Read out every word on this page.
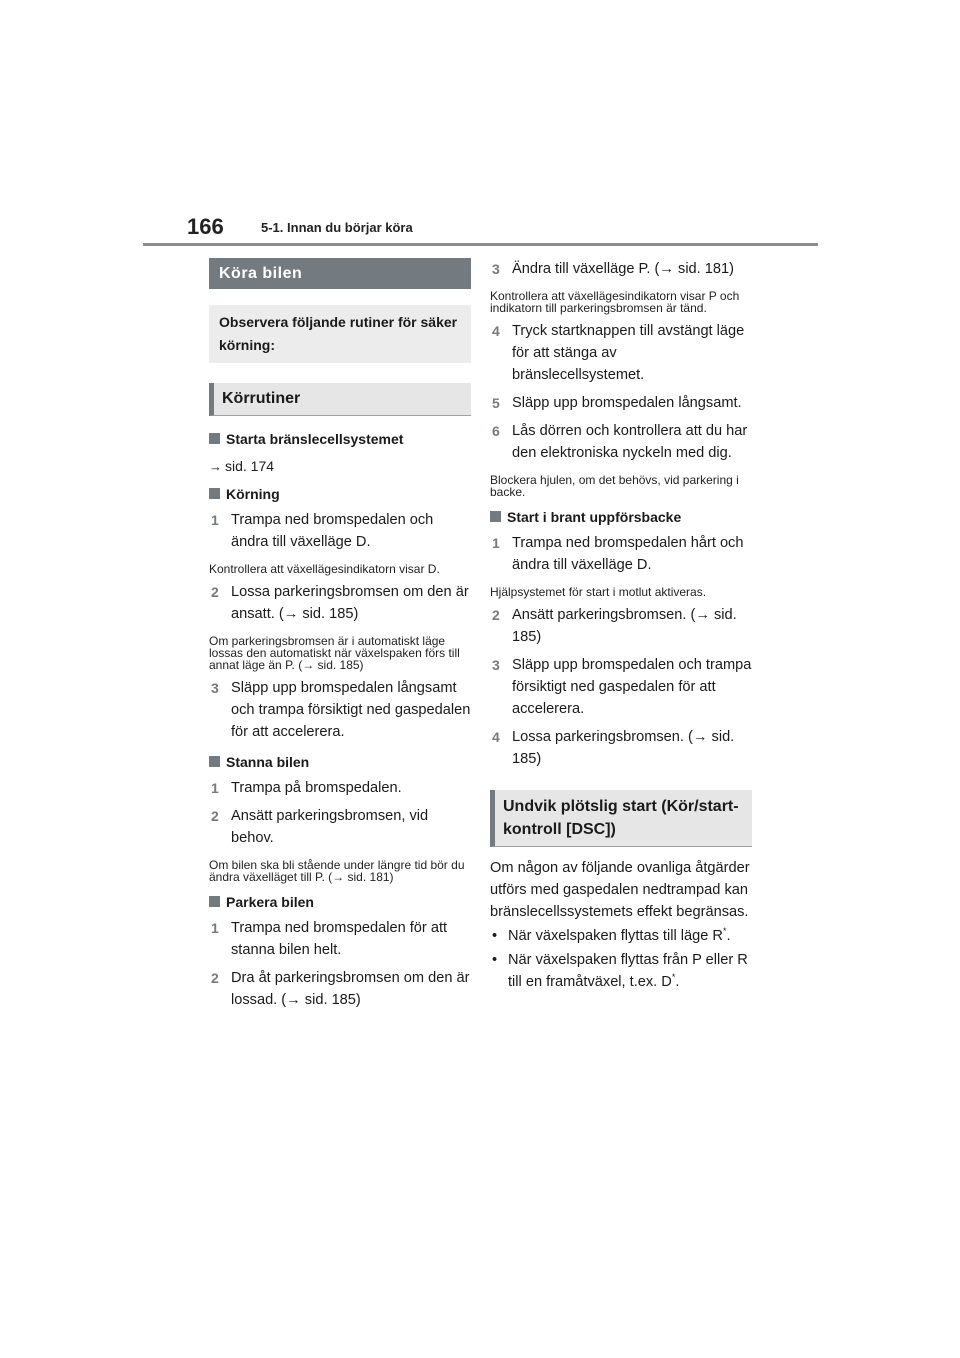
166	5-1. Innan du börjar köra
Köra bilen
Observera följande rutiner för säker körning:
Körrutiner
Starta bränslecellsystemet
→ sid. 174
Körning
1 Trampa ned bromspedalen och ändra till växelläge D.
Kontrollera att växellägesindikatorn visar D.
2 Lossa parkeringsbromsen om den är ansatt. (→ sid. 185)
Om parkeringsbromsen är i automatiskt läge lossas den automatiskt när växelspaken förs till annat läge än P. (→ sid. 185)
3 Släpp upp bromspedalen långsamt och trampa försiktigt ned gaspedalen för att accelerera.
Stanna bilen
1 Trampa på bromspedalen.
2 Ansätt parkeringsbromsen, vid behov.
Om bilen ska bli stående under längre tid bör du ändra växelläget till P. (→ sid. 181)
Parkera bilen
1 Trampa ned bromspedalen för att stanna bilen helt.
2 Dra åt parkeringsbromsen om den är lossad. (→ sid. 185)
3 Ändra till växelläge P. (→ sid. 181)
Kontrollera att växellägesindikatorn visar P och indikatorn till parkeringsbromsen är tänd.
4 Tryck startknappen till avstängt läge för att stänga av bränslecellsystemet.
5 Släpp upp bromspedalen långsamt.
6 Lås dörren och kontrollera att du har den elektroniska nyckeln med dig.
Blockera hjulen, om det behövs, vid parkering i backe.
Start i brant uppförsbacke
1 Trampa ned bromspedalen hårt och ändra till växelläge D.
Hjälpsystemet för start i motlut aktiveras.
2 Ansätt parkeringsbromsen. (→ sid. 185)
3 Släpp upp bromspedalen och trampa försiktigt ned gaspedalen för att accelerera.
4 Lossa parkeringsbromsen. (→ sid. 185)
Undvik plötslig start (Kör/start-kontroll [DSC])
Om någon av följande ovanliga åtgärder utförs med gaspedalen nedtrampad kan bränslecellssystemets effekt begränsas.
• När växelspaken flyttas till läge R*.
• När växelspaken flyttas från P eller R till en framåtväxel, t.ex. D*.
